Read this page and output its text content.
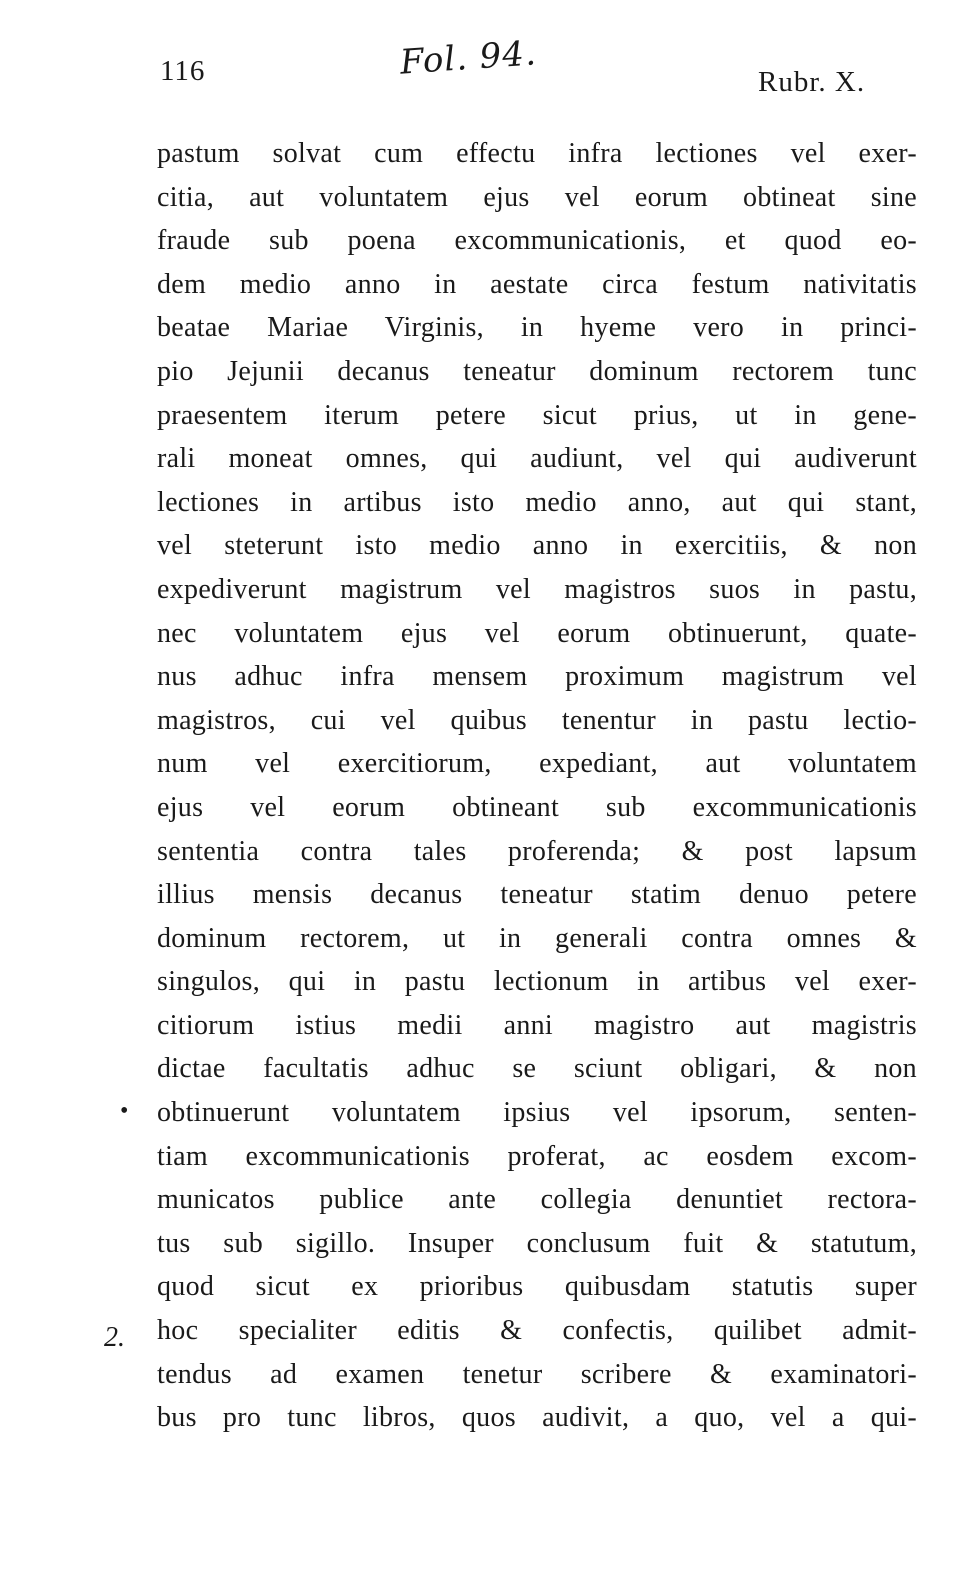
116	Fol. 94.	Rubr. X.
•
2.
pastum solvat cum effectu infra lectiones vel exer-
citia, aut voluntatem ejus vel eorum obtineat sine
fraude sub poena excommunicationis, et quod eo-
dem medio anno in aestate circa festum nativitatis
beatae Mariae Virginis, in hyeme vero in princi-
pio Jejunii decanus teneatur dominum rectorem tunc
praesentem iterum petere sicut prius, ut in gene-
rali moneat omnes, qui audiunt, vel qui audiverunt
lectiones in artibus isto medio anno, aut qui stant,
vel steterunt isto medio anno in exercitiis, & non
expediverunt magistrum vel magistros suos in pastu,
nec voluntatem ejus vel eorum obtinuerunt, quate-
nus adhuc infra mensem proximum magistrum vel
magistros, cui vel quibus tenentur in pastu lectio-
num vel exercitiorum, expediant, aut voluntatem
ejus vel eorum obtineant sub excommunicationis
sententia contra tales proferenda; & post lapsum
illius mensis decanus teneatur statim denuo petere
dominum rectorem, ut in generali contra omnes &
singulos, qui in pastu lectionum in artibus vel exer-
citiorum istius medii anni magistro aut magistris
dictae facultatis adhuc se sciunt obligari, & non
obtinuerunt voluntatem ipsius vel ipsorum, senten-
tiam excommunicationis proferat, ac eosdem excom-
municatos publice ante collegia denuntiet rectora-
tus sub sigillo. Insuper conclusum fuit & statutum,
quod sicut ex prioribus quibusdam statutis super
hoc specialiter editis & confectis, quilibet admit-
tendus ad examen tenetur scribere & examinatori-
bus pro tunc libros, quos audivit, a quo, vel a qui-
